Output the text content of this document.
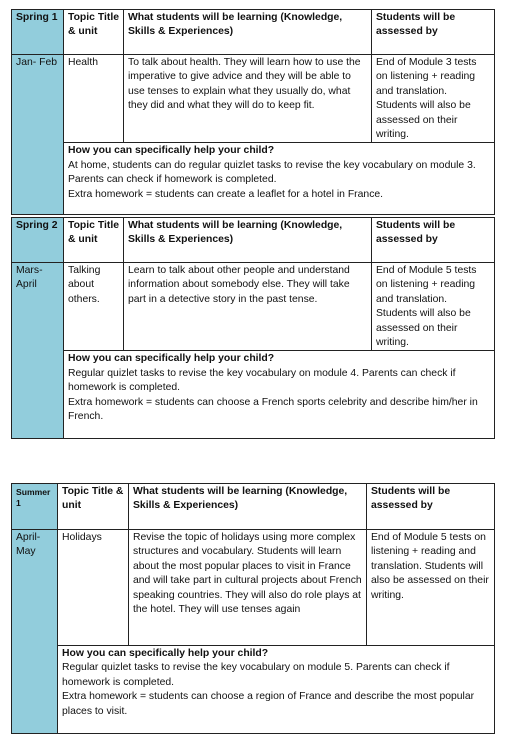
Spring 1	Topic Title & unit	What students will be learning (Knowledge, Skills & Experiences)	Students will be assessed by
Jan- Feb	Health	To talk about health. They will learn how to use the imperative to give advice and they will be able to use tenses to explain what they usually do, what they did and what they will do to keep fit.	End of Module 3 tests on listening + reading and translation. Students will also be assessed on their writing.

	How you can specifically help your child?
At home, students can do regular quizlet tasks to revise the key vocabulary on module 3. Parents can check if homework is completed.
Extra homework = students can create a leaflet for a hotel in France.		
Spring 2	Topic Title & unit	What students will be learning (Knowledge, Skills & Experiences)	Students will be assessed by
Mars- April	Talking about others.	Learn to talk about other people and understand information about somebody else. They will take part in a detective story in the past tense.	End of Module 5 tests on listening + reading and translation. Students will also be assessed on their writing.

	How you can specifically help your child?
Regular quizlet tasks to revise the key vocabulary on module 4. Parents can check if homework is completed.
Extra homework = students can choose a French sports celebrity and describe him/her in French.		
Summer 1	Topic Title & unit	What students will be learning (Knowledge, Skills & Experiences)	Students will be assessed by
April- May	Holidays	Revise the topic of holidays using more complex structures and vocabulary. Students will learn about the most popular places to visit in France and will take part in cultural projects about French speaking countries. They will also do role plays at the hotel. They will use tenses again	End of Module 5 tests on listening + reading and translation. Students will also be assessed on their writing.

	How you can specifically help your child?
Regular quizlet tasks to revise the key vocabulary on module 5. Parents can check if homework is completed.
Extra homework = students can choose a region of France and describe the most popular places to visit.		
